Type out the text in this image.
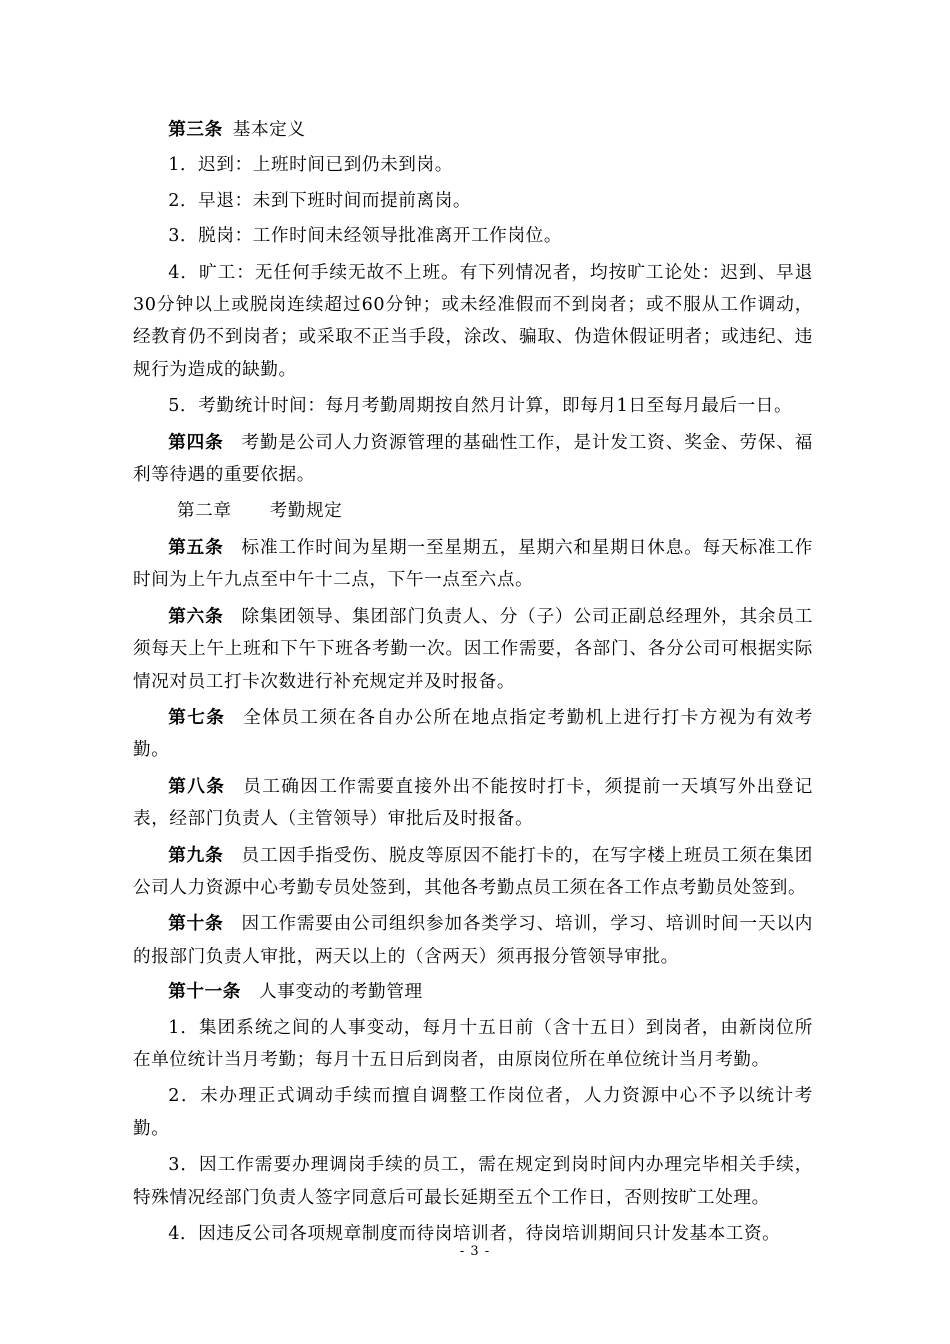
第三条 基本定义

1．迟到：上班时间已到仍未到岗。

2．早退：未到下班时间而提前离岗。

3．脱岗：工作时间未经领导批准离开工作岗位。

4．旷工：无任何手续无故不上班。有下列情况者，均按旷工论处：迟到、早退30分钟以上或脱岗连续超过60分钟；或未经准假而不到岗者；或不服从工作调动，经教育仍不到岗者；或采取不正当手段，涂改、骗取、伪造休假证明者；或违纪、违规行为造成的缺勤。

5．考勤统计时间：每月考勤周期按自然月计算，即每月1日至每月最后一日。

第四条 考勤是公司人力资源管理的基础性工作，是计发工资、奖金、劳保、福利等待遇的重要依据。

第二章 考勤规定

第五条 标准工作时间为星期一至星期五，星期六和星期日休息。每天标准工作时间为上午九点至中午十二点，下午一点至六点。

第六条 除集团领导、集团部门负责人、分（子）公司正副总经理外，其余员工须每天上午上班和下午下班各考勤一次。因工作需要，各部门、各分公司可根据实际情况对员工打卡次数进行补充规定并及时报备。

第七条 全体员工须在各自办公所在地点指定考勤机上进行打卡方视为有效考勤。

第八条 员工确因工作需要直接外出不能按时打卡，须提前一天填写外出登记表，经部门负责人（主管领导）审批后及时报备。

第九条 员工因手指受伤、脱皮等原因不能打卡的，在写字楼上班员工须在集团公司人力资源中心考勤专员处签到，其他各考勤点员工须在各工作点考勤员处签到。

第十条 因工作需要由公司组织参加各类学习、培训，学习、培训时间一天以内的报部门负责人审批，两天以上的（含两天）须再报分管领导审批。

第十一条 人事变动的考勤管理

1．集团系统之间的人事变动，每月十五日前（含十五日）到岗者，由新岗位所在单位统计当月考勤；每月十五日后到岗者，由原岗位所在单位统计当月考勤。

2．未办理正式调动手续而擅自调整工作岗位者，人力资源中心不予以统计考勤。

3．因工作需要办理调岗手续的员工，需在规定到岗时间内办理完毕相关手续，特殊情况经部门负责人签字同意后可最长延期至五个工作日，否则按旷工处理。

4．因违反公司各项规章制度而待岗培训者，待岗培训期间只计发基本工资。

- 3 -
